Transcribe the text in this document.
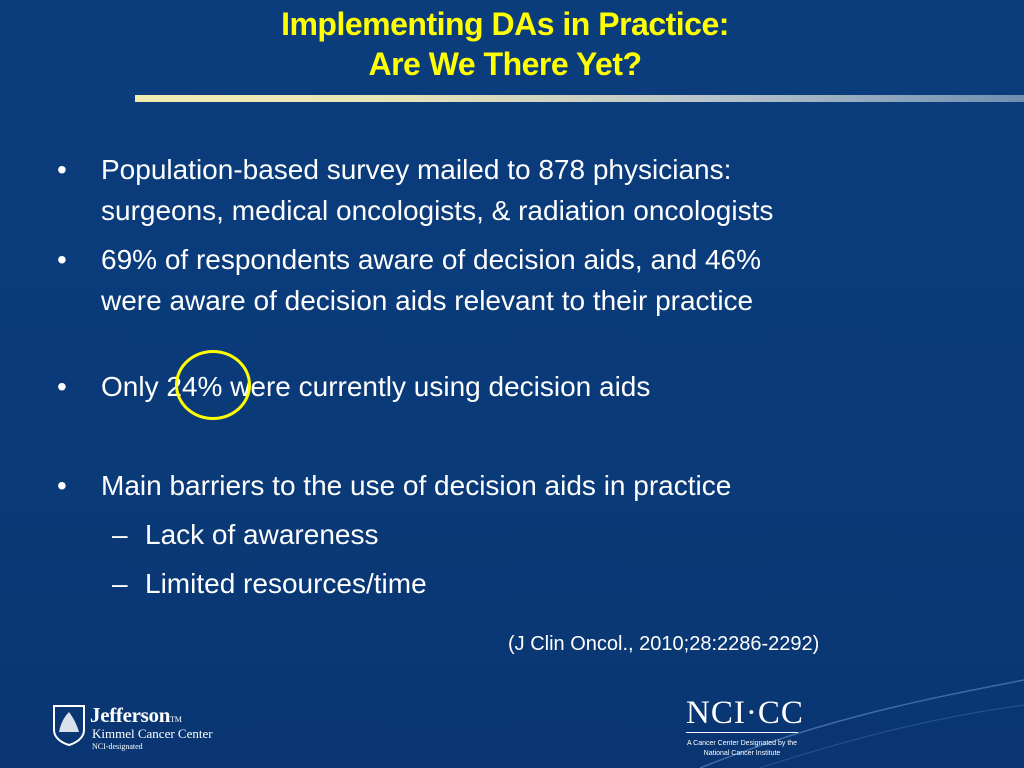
Implementing DAs in Practice:
Are We There Yet?
•	Population-based survey mailed to 878 physicians:
surgeons, medical oncologists, & radiation oncologists
•	69% of respondents aware of decision aids, and 46%
were aware of decision aids relevant to their practice
•	Only 24% were currently using decision aids
•	Main barriers to the use of decision aids in practice
– Lack of awareness
– Limited resources/time
(J Clin Oncol., 2010;28:2286-2292)
JeffersonTM
Kimmel Cancer Center
NCI-designated
NCI·CC
A Cancer Center Designated by the
National Cancer Institute
